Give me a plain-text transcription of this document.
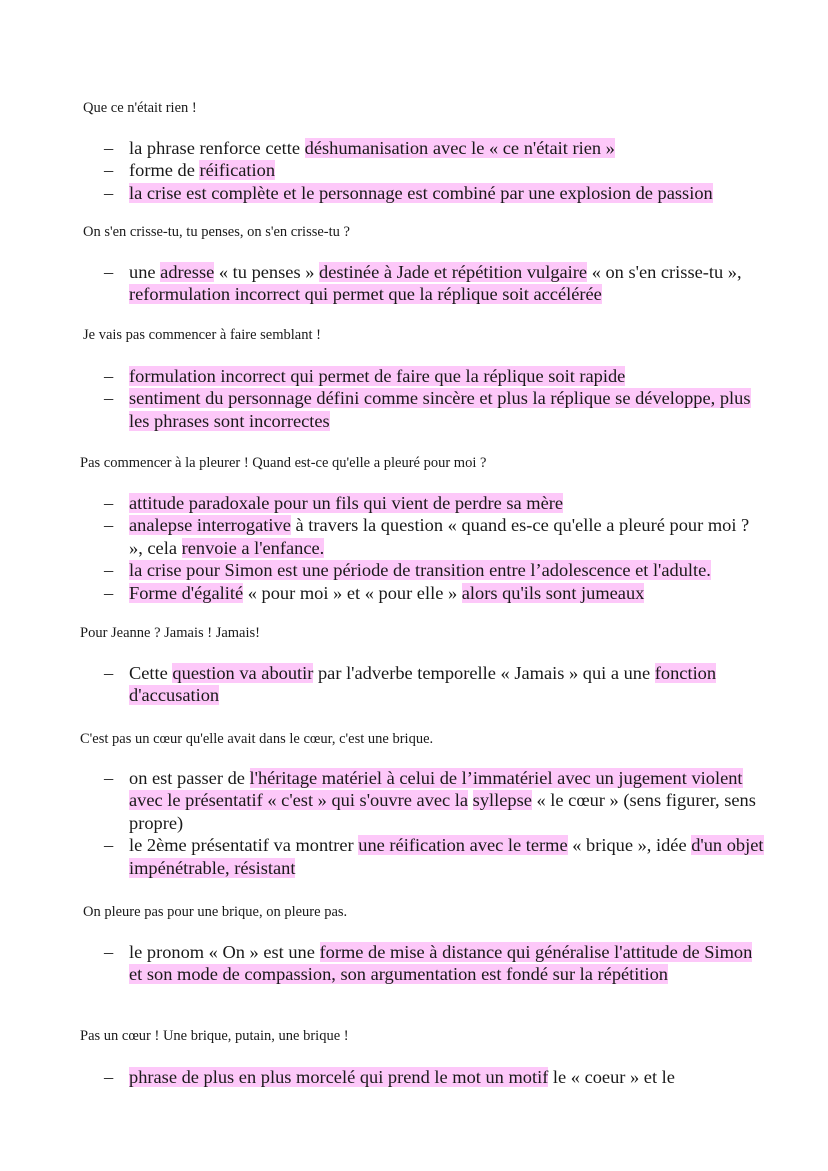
Que ce n'était rien !

– la phrase renforce cette déshumanisation avec le « ce n'était rien »
– forme de réification
– la crise est complète et le personnage est combiné par une explosion de passion

On s'en crisse-tu, tu penses, on s'en crisse-tu ?

– une adresse « tu penses » destinée à Jade et répétition vulgaire « on s'en crisse-tu », reformulation incorrect qui permet que la réplique soit accélérée

Je vais pas commencer à faire semblant !

– formulation incorrect qui permet de faire que la réplique soit rapide
– sentiment du personnage défini comme sincère et plus la réplique se développe, plus les phrases sont incorrectes

Pas commencer à la pleurer ! Quand est-ce qu'elle a pleuré pour moi ?

– attitude paradoxale pour un fils qui vient de perdre sa mère
– analepse interrogative à travers la question « quand es-ce qu'elle a pleuré pour moi ? », cela renvoie a l'enfance.
– la crise pour Simon est une période de transition entre l’adolescence et l'adulte.
– Forme d'égalité « pour moi » et « pour elle » alors qu'ils sont jumeaux

Pour Jeanne ? Jamais ! Jamais!

– Cette question va aboutir par l'adverbe temporelle « Jamais » qui a une fonction d'accusation

C'est pas un cœur qu'elle avait dans le cœur, c'est une brique.

– on est passer de l'héritage matériel à celui de l’immatériel avec un jugement violent avec le présentatif « c'est » qui s'ouvre avec la syllepse « le cœur » (sens figurer, sens propre)
– le 2ème présentatif va montrer une réification avec le terme « brique », idée d'un objet impénétrable, résistant

On pleure pas pour une brique, on pleure pas.

– le pronom « On » est une forme de mise à distance qui généralise l'attitude de Simon et son mode de compassion, son argumentation est fondé sur la répétition

Pas un cœur ! Une brique, putain, une brique !

– phrase de plus en plus morcelé qui prend le mot un motif le « coeur » et le
